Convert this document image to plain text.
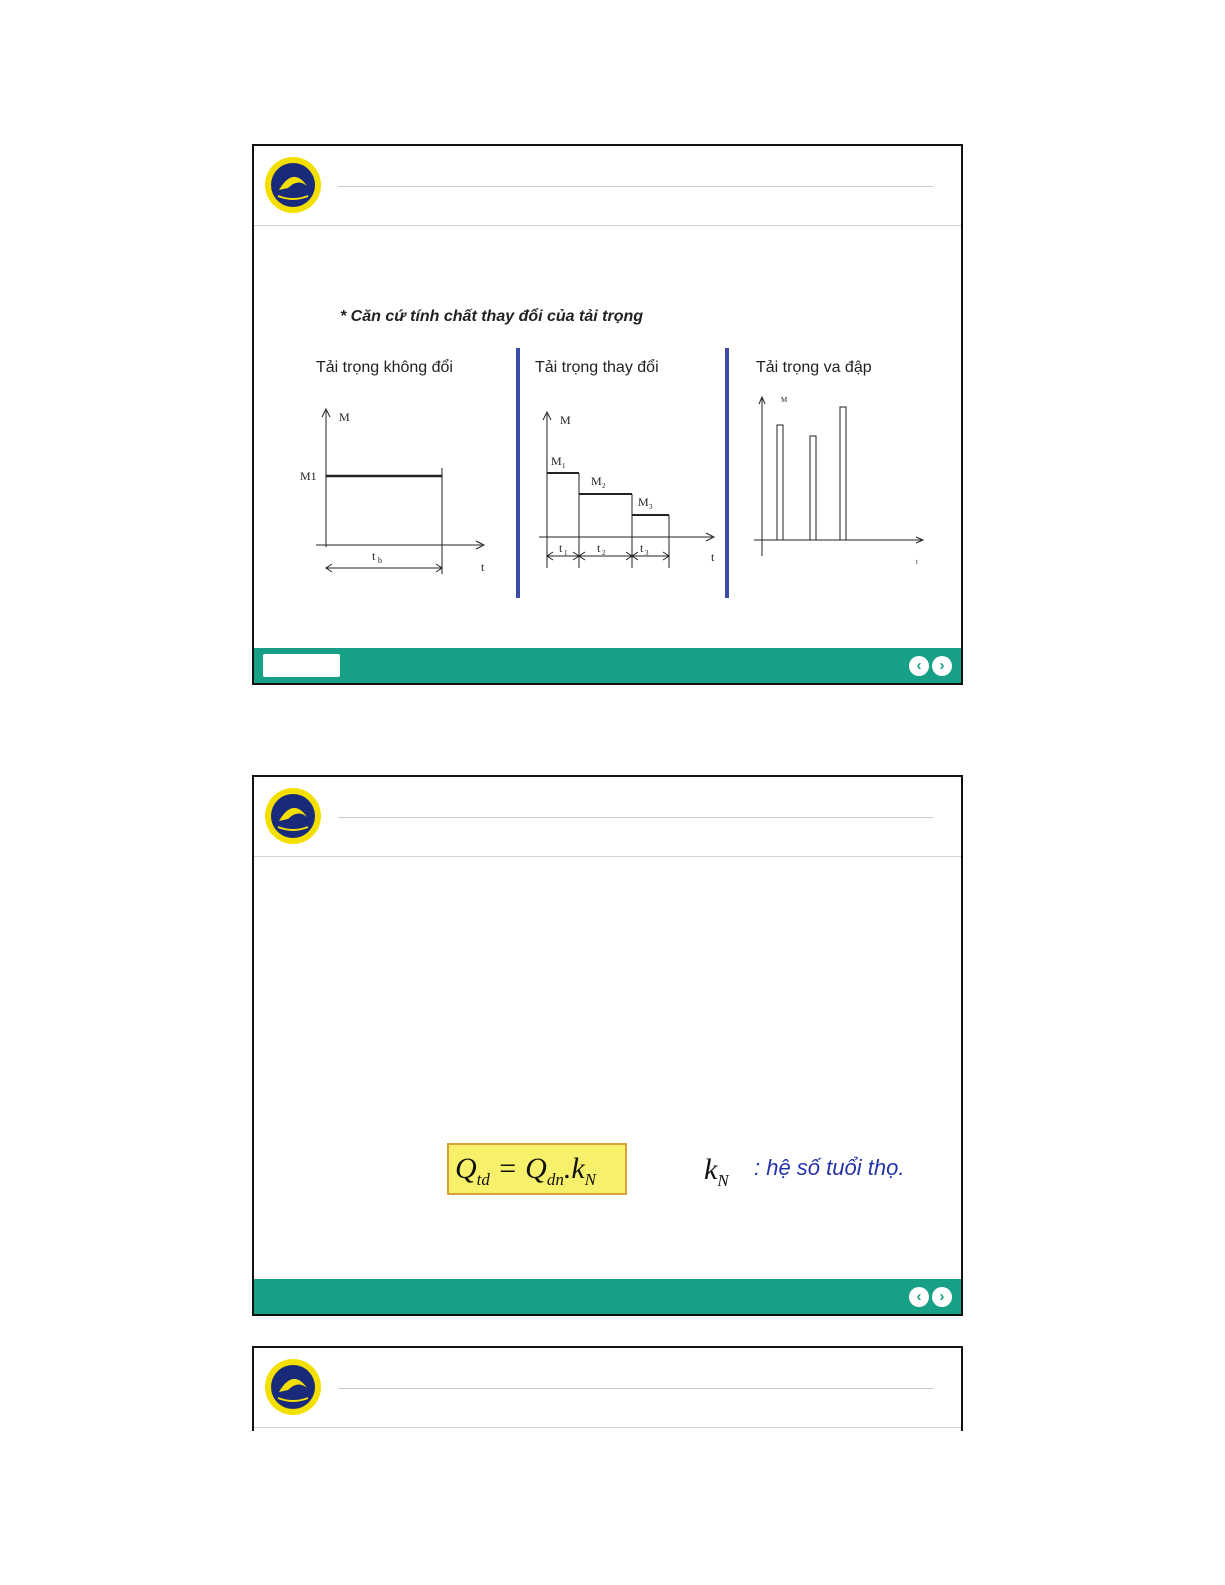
* Căn cứ tính chất thay đổi của tải trọng
Tải trọng không đổi	Tải trọng thay đổi	Tải trọng va đập
M
t
M1
t b
M
t
M 1
M 2
M 3
t 1 t 2	t 3
M
t
‹	›
$Q_{td} = Q_{dn}.k_N$	$k_N$
: hệ số tuổi thọ.
‹	›
